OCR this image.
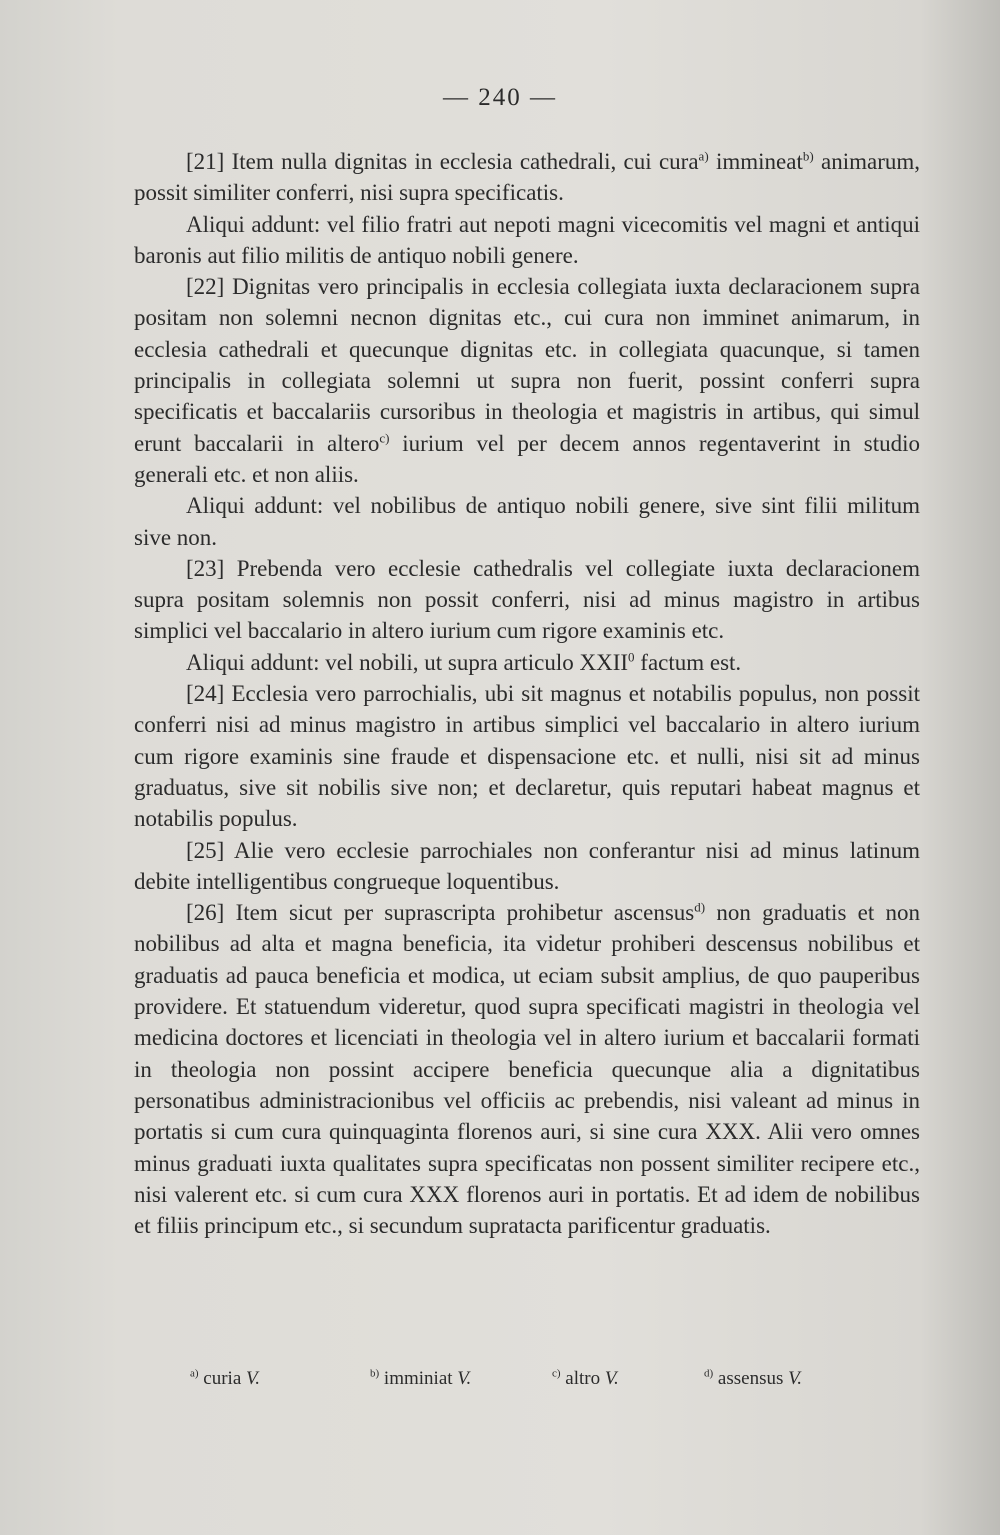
— 240 —

[21] Item nulla dignitas in ecclesia cathedrali, cui cura$^{a)}$ immineat$^{b)}$ animarum, possit similiter conferri, nisi supra specificatis.

Aliqui addunt: vel filio fratri aut nepoti magni vicecomitis vel magni et antiqui baronis aut filio militis de antiquo nobili genere.

[22] Dignitas vero principalis in ecclesia collegiata iuxta declaracionem supra positam non solemni necnon dignitas etc., cui cura non imminet animarum, in ecclesia cathedrali et quecunque dignitas etc. in collegiata quacunque, si tamen principalis in collegiata solemni ut supra non fuerit, possint conferri supra specificatis et baccalariis cursoribus in theologia et magistris in artibus, qui simul erunt baccalarii in altero$^{c)}$ iurium vel per decem annos regentaverint in studio generali etc. et non aliis.

Aliqui addunt: vel nobilibus de antiquo nobili genere, sive sint filii militum sive non.

[23] Prebenda vero ecclesie cathedralis vel collegiate iuxta declaracionem supra positam solemnis non possit conferri, nisi ad minus magistro in artibus simplici vel baccalario in altero iurium cum rigore examinis etc.

Aliqui addunt: vel nobili, ut supra articulo XXII$^0$ factum est.

[24] Ecclesia vero parrochialis, ubi sit magnus et notabilis populus, non possit conferri nisi ad minus magistro in artibus simplici vel baccalario in altero iurium cum rigore examinis sine fraude et dispensacione etc. et nulli, nisi sit ad minus graduatus, sive sit nobilis sive non; et declaretur, quis reputari habeat magnus et notabilis populus.

[25] Alie vero ecclesie parrochiales non conferantur nisi ad minus latinum debite intelligentibus congrueque loquentibus.

[26] Item sicut per suprascripta prohibetur ascensus$^{d)}$ non graduatis et non nobilibus ad alta et magna beneficia, ita videtur prohiberi descensus nobilibus et graduatis ad pauca beneficia et modica, ut eciam subsit amplius, de quo pauperibus providere. Et statuendum videretur, quod supra specificati magistri in theologia vel medicina doctores et licenciati in theologia vel in altero iurium et baccalarii formati in theologia non possint accipere beneficia quecunque alia a dignitatibus personatibus administracionibus vel officiis ac prebendis, nisi valeant ad minus in portatis si cum cura quinquaginta florenos auri, si sine cura XXX. Alii vero omnes minus graduati iuxta qualitates supra specificatas non possent similiter recipere etc., nisi valerent etc. si cum cura XXX florenos auri in portatis. Et ad idem de nobilibus et filiis principum etc., si secundum supratacta parificentur graduatis.

$^{a)}$ curia V.	$^{b)}$ imminiat V.	$^{c)}$ altro V.	$^{d)}$ assensus V.
